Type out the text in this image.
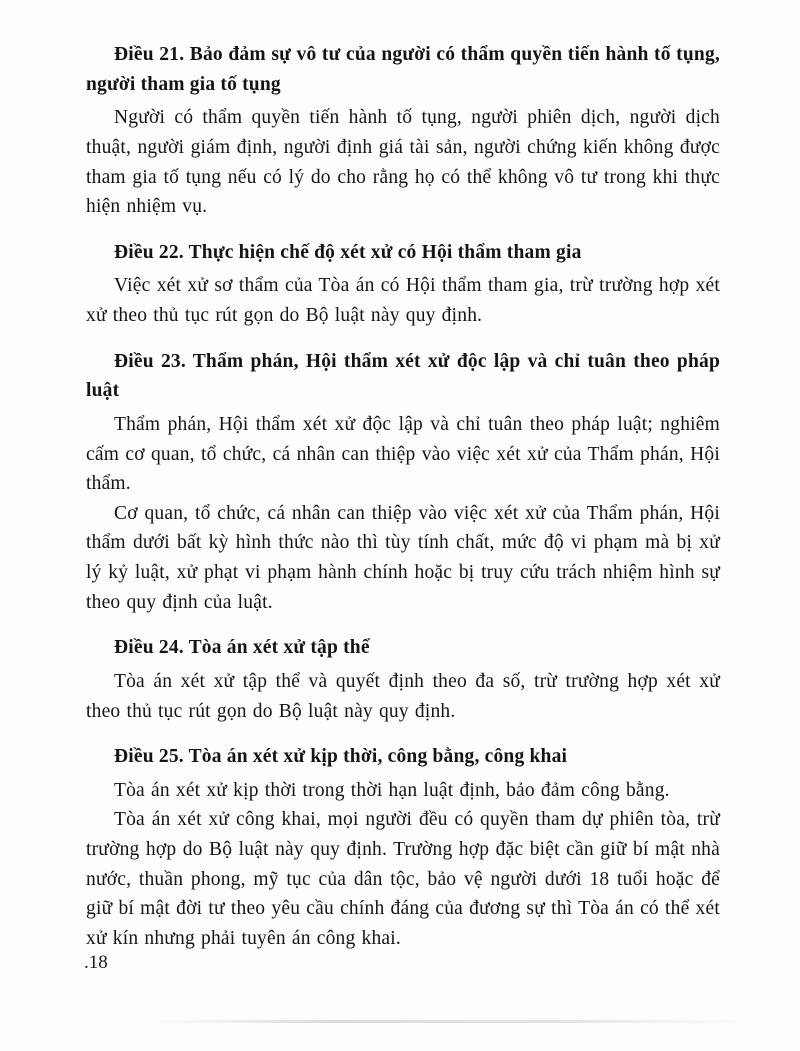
Điều 21. Bảo đảm sự vô tư của người có thẩm quyền tiến hành tố tụng, người tham gia tố tụng

Người có thẩm quyền tiến hành tố tụng, người phiên dịch, người dịch thuật, người giám định, người định giá tài sản, người chứng kiến không được tham gia tố tụng nếu có lý do cho rằng họ có thể không vô tư trong khi thực hiện nhiệm vụ.

Điều 22. Thực hiện chế độ xét xử có Hội thẩm tham gia

Việc xét xử sơ thẩm của Tòa án có Hội thẩm tham gia, trừ trường hợp xét xử theo thủ tục rút gọn do Bộ luật này quy định.

Điều 23. Thẩm phán, Hội thẩm xét xử độc lập và chỉ tuân theo pháp luật

Thẩm phán, Hội thẩm xét xử độc lập và chỉ tuân theo pháp luật; nghiêm cấm cơ quan, tổ chức, cá nhân can thiệp vào việc xét xử của Thẩm phán, Hội thẩm.

Cơ quan, tổ chức, cá nhân can thiệp vào việc xét xử của Thẩm phán, Hội thẩm dưới bất kỳ hình thức nào thì tùy tính chất, mức độ vi phạm mà bị xử lý kỷ luật, xử phạt vi phạm hành chính hoặc bị truy cứu trách nhiệm hình sự theo quy định của luật.

Điều 24. Tòa án xét xử tập thể

Tòa án xét xử tập thể và quyết định theo đa số, trừ trường hợp xét xử theo thủ tục rút gọn do Bộ luật này quy định.

Điều 25. Tòa án xét xử kịp thời, công bằng, công khai

Tòa án xét xử kịp thời trong thời hạn luật định, bảo đảm công bằng.

Tòa án xét xử công khai, mọi người đều có quyền tham dự phiên tòa, trừ trường hợp do Bộ luật này quy định. Trường hợp đặc biệt cần giữ bí mật nhà nước, thuần phong, mỹ tục của dân tộc, bảo vệ người dưới 18 tuổi hoặc để giữ bí mật đời tư theo yêu cầu chính đáng của đương sự thì Tòa án có thể xét xử kín nhưng phải tuyên án công khai.

.18
